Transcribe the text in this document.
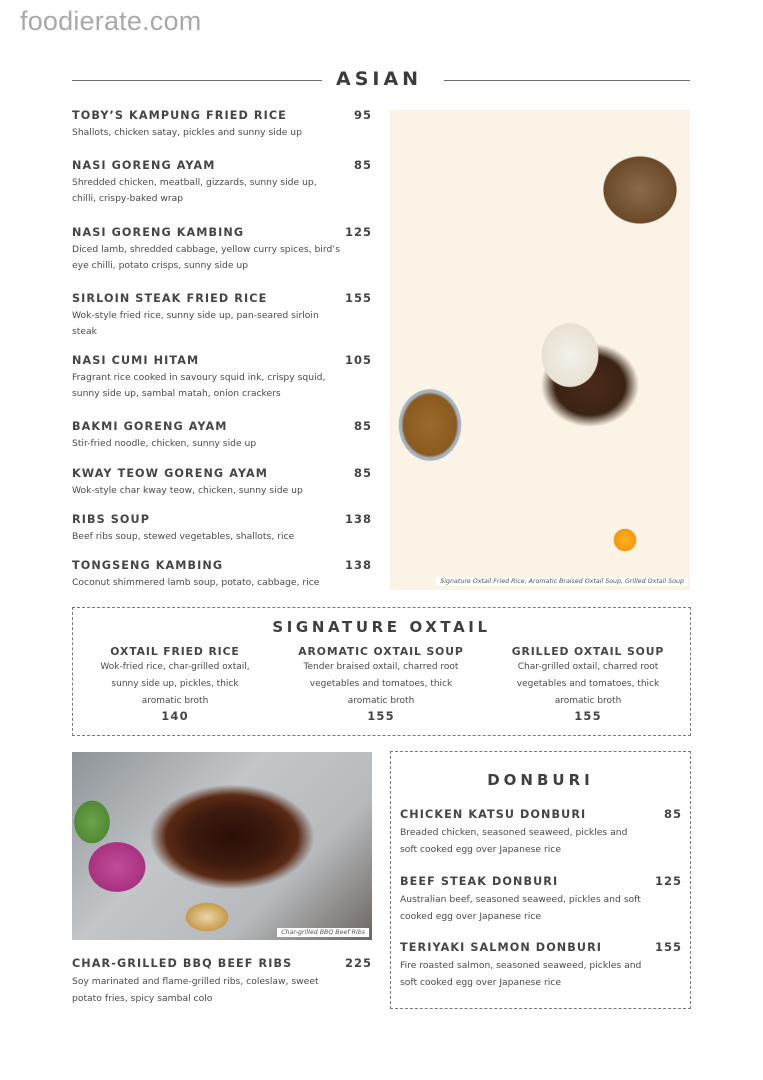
foodierate.com
ASIAN
TOBY’S KAMPUNG FRIED RICE	95
Shallots, chicken satay, pickles and sunny side up
NASI GORENG AYAM	85
Shredded chicken, meatball, gizzards, sunny side up, chilli, crispy-baked wrap
NASI GORENG KAMBING	125
Diced lamb, shredded cabbage, yellow curry spices, bird’s eye chilli, potato crisps, sunny side up
SIRLOIN STEAK FRIED RICE	155
Wok-style fried rice, sunny side up, pan-seared sirloin steak
NASI CUMI HITAM	105
Fragrant rice cooked in savoury squid ink, crispy squid, sunny side up, sambal matah, onion crackers
BAKMI GORENG AYAM	85
Stir-fried noodle, chicken, sunny side up
KWAY TEOW GORENG AYAM	85
Wok-style char kway teow, chicken, sunny side up
RIBS SOUP	138
Beef ribs soup, stewed vegetables, shallots, rice
TONGSENG KAMBING	138
Coconut shimmered lamb soup, potato, cabbage, rice	Signature Oxtail Fried Rice, Aromatic Braised Oxtail Soup, Grilled Oxtail Soup
SIGNATURE OXTAIL
OXTAIL FRIED RICE
Wok-fried rice, char-grilled oxtail, sunny side up, pickles, thick aromatic broth
140
AROMATIC OXTAIL SOUP
Tender braised oxtail, charred root vegetables and tomatoes, thick aromatic broth
155
GRILLED OXTAIL SOUP
Char-grilled oxtail, charred root vegetables and tomatoes, thick aromatic broth
155
Char-grilled BBQ Beef Ribs
CHAR-GRILLED BBQ BEEF RIBS	225
Soy marinated and flame-grilled ribs, coleslaw, sweet potato fries, spicy sambal colo
DONBURI
CHICKEN KATSU DONBURI	85
Breaded chicken, seasoned seaweed, pickles and soft cooked egg over Japanese rice
BEEF STEAK DONBURI	125
Australian beef, seasoned seaweed, pickles and soft cooked egg over Japanese rice
TERIYAKI SALMON DONBURI	155
Fire roasted salmon, seasoned seaweed, pickles and soft cooked egg over Japanese rice
